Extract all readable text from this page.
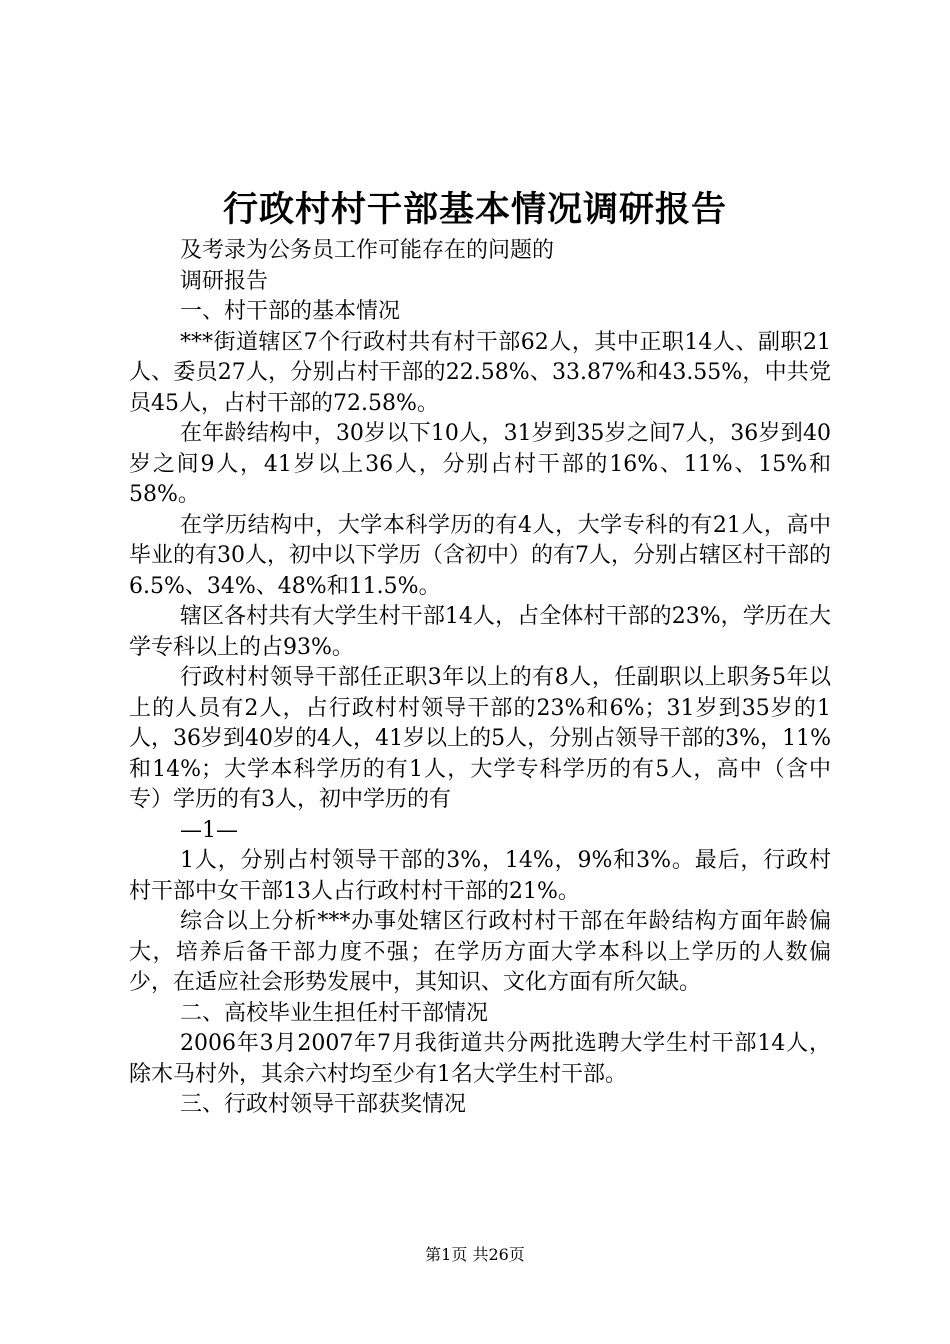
行政村村干部基本情况调研报告

及考录为公务员工作可能存在的问题的

调研报告

一、村干部的基本情况

***街道辖区7个行政村共有村干部62人，其中正职14人、副职21人、委员27人，分别占村干部的22.58%、33.87%和43.55%，中共党员45人，占村干部的72.58%。

在年龄结构中，30岁以下10人，31岁到35岁之间7人，36岁到40岁之间9人，41岁以上36人，分别占村干部的16%、11%、15%和58%。

在学历结构中，大学本科学历的有4人，大学专科的有21人，高中毕业的有30人，初中以下学历（含初中）的有7人，分别占辖区村干部的6.5%、34%、48%和11.5%。

辖区各村共有大学生村干部14人，占全体村干部的23%，学历在大学专科以上的占93%。

行政村村领导干部任正职3年以上的有8人，任副职以上职务5年以上的人员有2人，占行政村村领导干部的23%和6%；31岁到35岁的1人，36岁到40岁的4人，41岁以上的5人，分别占领导干部的3%，11%和14%；大学本科学历的有1人，大学专科学历的有5人，高中（含中专）学历的有3人，初中学历的有

—1—

1人，分别占村领导干部的3%，14%，9%和3%。最后，行政村村干部中女干部13人占行政村村干部的21%。

综合以上分析***办事处辖区行政村村干部在年龄结构方面年龄偏大，培养后备干部力度不强；在学历方面大学本科以上学历的人数偏少，在适应社会形势发展中，其知识、文化方面有所欠缺。

二、高校毕业生担任村干部情况

2006年3月2007年7月我街道共分两批选聘大学生村干部14人，除木马村外，其余六村均至少有1名大学生村干部。

三、行政村领导干部获奖情况

第1页 共26页
